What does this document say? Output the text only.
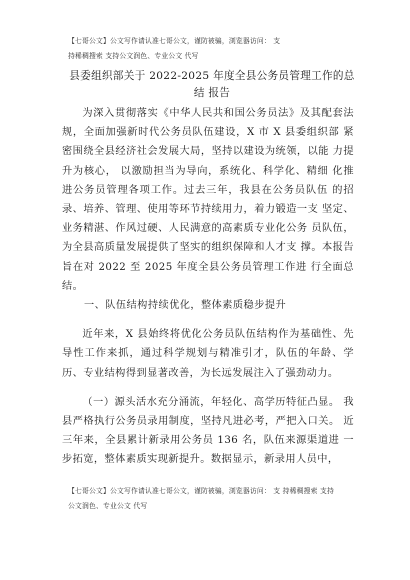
【七哥公文】公文写作请认准七哥公文，谨防被骗，浏览器访问： 支
持稀稠搜索 支持公文润色、专业公文 代写
县委组织部关于 2022-2025 年度全县公务员管理工作的总
结 报告

为深入贯彻落实《中华人民共和国公务员法》及其配套法规，全面加强新时代公务员队伍建设，X 市 X 县委组织部 紧密围绕全县经济社会发展大局，坚持以建设为统领，以能 力提升为核心， 以激励担当为导向，系统化、科学化、精细 化推进公务员管理各项工作。过去三年，我县在公务员队伍 的招录、培养、管理、使用等环节持续用力，着力锻造一支 坚定、业务精湛、作风过硬、人民满意的高素质专业化公务 员队伍，为全县高质量发展提供了坚实的组织保障和人才支 撑。本报告旨在对 2022 至 2025 年度全县公务员管理工作进 行全面总结。

一、队伍结构持续优化，整体素质稳步提升

近年来，X 县始终将优化公务员队伍结构作为基础性、先导性工作来抓，通过科学规划与精准引才，队伍的年龄、学历、专业结构得到显著改善，为长远发展注入了强劲动力。

（一）源头活水充分涌流，年轻化、高学历特征凸显。 我县严格执行公务员录用制度，坚持凡进必考，严把入口关。 近三年来，全县累计新录用公务员 136 名，队伍来源渠道进 一步拓宽，整体素质实现新提升。数据显示，新录用人员中，

【七哥公文】公文写作请认准七哥公文，谨防被骗，浏览器访问： 支 持稀稠搜索 支持
公文润色、专业公文 代写
